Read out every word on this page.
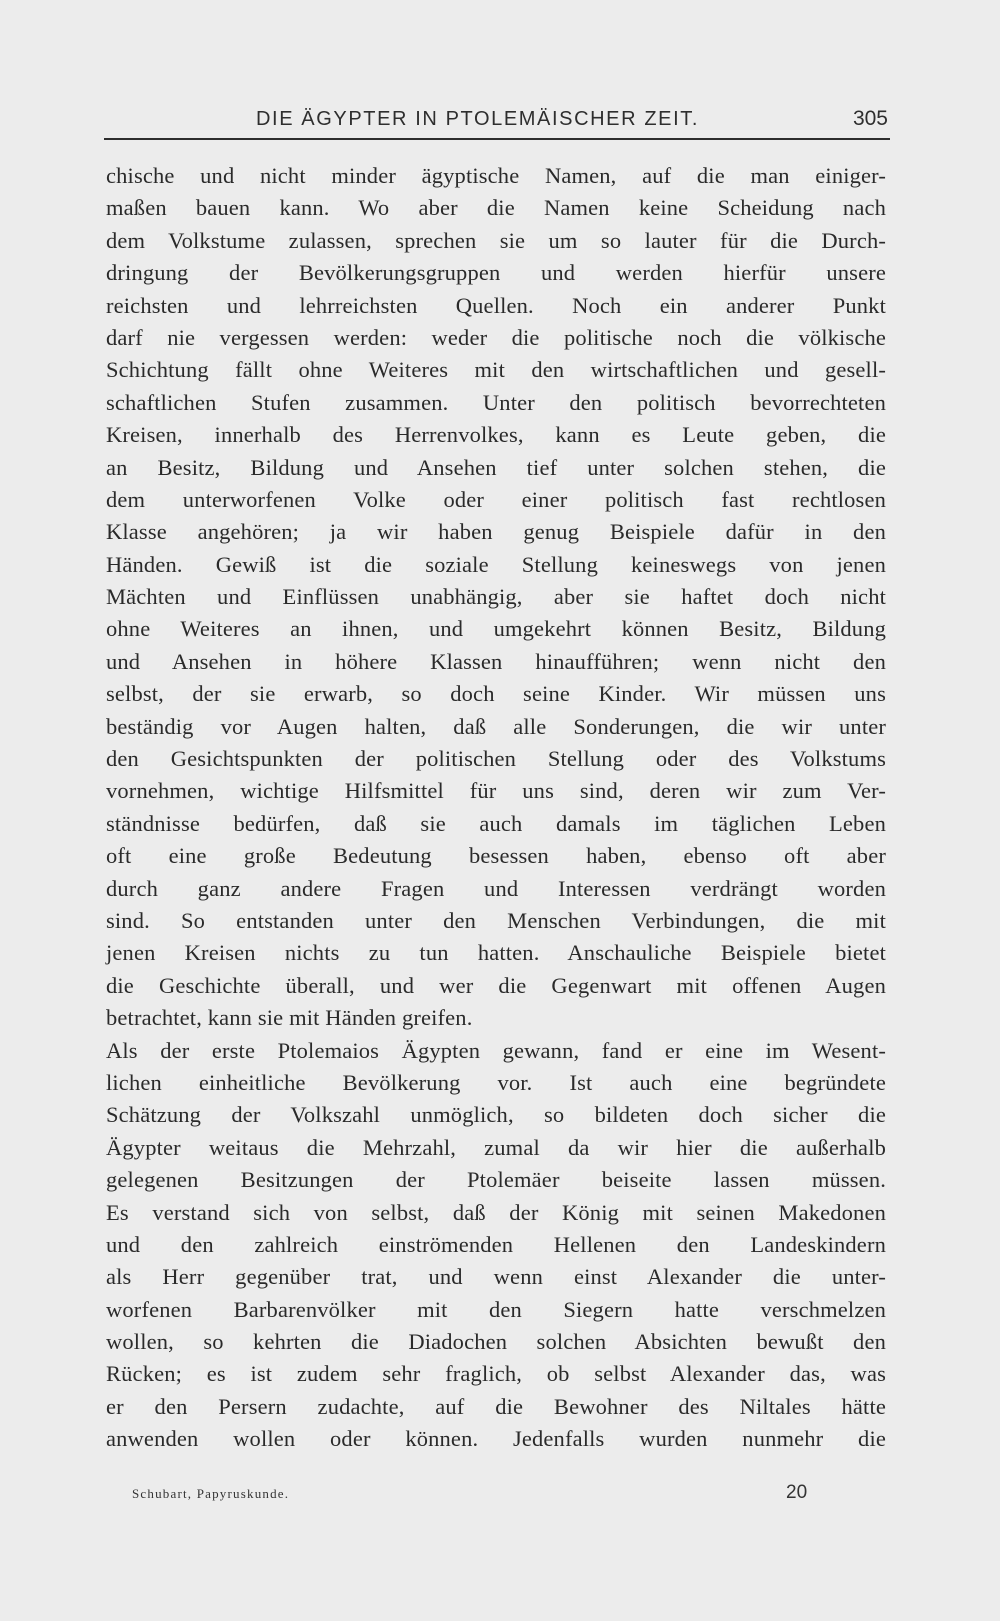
DIE ÄGYPTER IN PTOLEMÄISCHER ZEIT.	305
chische und nicht minder ägyptische Namen, auf die man einiger-
maßen bauen kann. Wo aber die Namen keine Scheidung nach
dem Volkstume zulassen, sprechen sie um so lauter für die Durch-
dringung der Bevölkerungsgruppen und werden hierfür unsere
reichsten und lehrreichsten Quellen. Noch ein anderer Punkt
darf nie vergessen werden: weder die politische noch die völkische
Schichtung fällt ohne Weiteres mit den wirtschaftlichen und gesell-
schaftlichen Stufen zusammen. Unter den politisch bevorrechteten
Kreisen, innerhalb des Herrenvolkes, kann es Leute geben, die
an Besitz, Bildung und Ansehen tief unter solchen stehen, die
dem unterworfenen Volke oder einer politisch fast rechtlosen
Klasse angehören; ja wir haben genug Beispiele dafür in den
Händen. Gewiß ist die soziale Stellung keineswegs von jenen
Mächten und Einflüssen unabhängig, aber sie haftet doch nicht
ohne Weiteres an ihnen, und umgekehrt können Besitz, Bildung
und Ansehen in höhere Klassen hinaufführen; wenn nicht den
selbst, der sie erwarb, so doch seine Kinder. Wir müssen uns
beständig vor Augen halten, daß alle Sonderungen, die wir unter
den Gesichtspunkten der politischen Stellung oder des Volkstums
vornehmen, wichtige Hilfsmittel für uns sind, deren wir zum Ver-
ständnisse bedürfen, daß sie auch damals im täglichen Leben
oft eine große Bedeutung besessen haben, ebenso oft aber
durch ganz andere Fragen und Interessen verdrängt worden
sind. So entstanden unter den Menschen Verbindungen, die mit
jenen Kreisen nichts zu tun hatten. Anschauliche Beispiele bietet
die Geschichte überall, und wer die Gegenwart mit offenen Augen
betrachtet, kann sie mit Händen greifen.
Als der erste Ptolemaios Ägypten gewann, fand er eine im Wesent-
lichen einheitliche Bevölkerung vor. Ist auch eine begründete
Schätzung der Volkszahl unmöglich, so bildeten doch sicher die
Ägypter weitaus die Mehrzahl, zumal da wir hier die außerhalb
gelegenen Besitzungen der Ptolemäer beiseite lassen müssen.
Es verstand sich von selbst, daß der König mit seinen Makedonen
und den zahlreich einströmenden Hellenen den Landeskindern
als Herr gegenüber trat, und wenn einst Alexander die unter-
worfenen Barbarenvölker mit den Siegern hatte verschmelzen
wollen, so kehrten die Diadochen solchen Absichten bewußt den
Rücken; es ist zudem sehr fraglich, ob selbst Alexander das, was
er den Persern zudachte, auf die Bewohner des Niltales hätte
anwenden wollen oder können. Jedenfalls wurden nunmehr die
Schubart, Papyruskunde.	20
